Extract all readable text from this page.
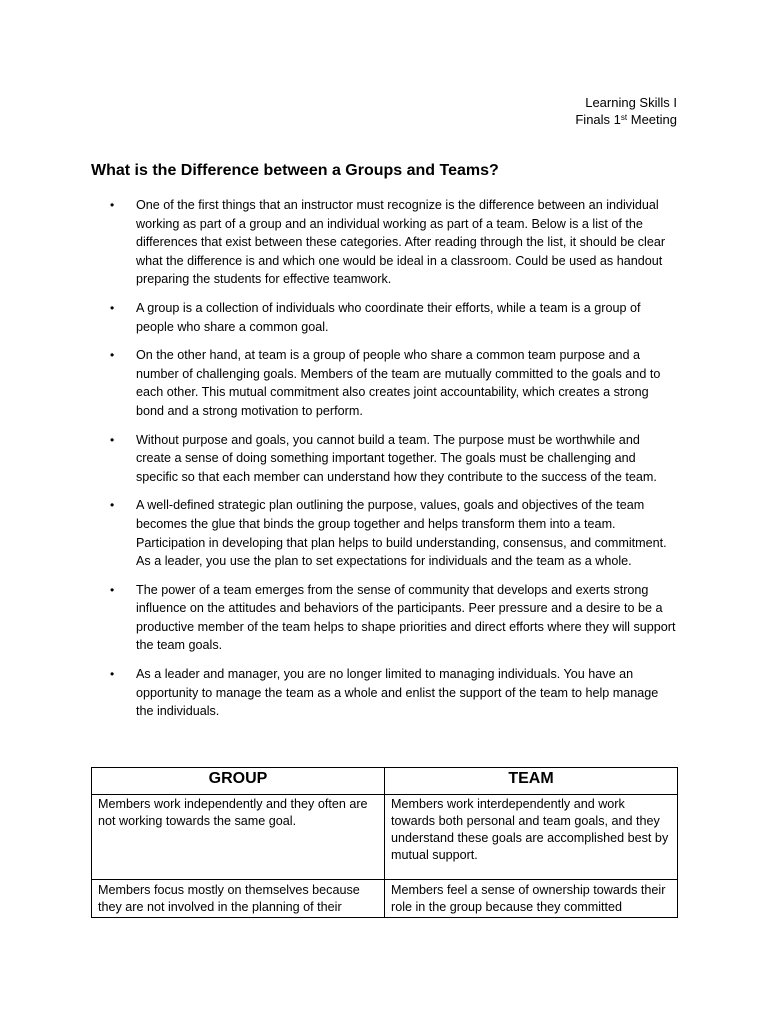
Learning Skills I
Finals 1st Meeting
What is the Difference between a Groups and Teams?
• One of the first things that an instructor must recognize is the difference between an individual working as part of a group and an individual working as part of a team. Below is a list of the differences that exist between these categories. After reading through the list, it should be clear what the difference is and which one would be ideal in a classroom. Could be used as handout preparing the students for effective teamwork.
• A group is a collection of individuals who coordinate their efforts, while a team is a group of people who share a common goal.
• On the other hand, at team is a group of people who share a common team purpose and a number of challenging goals. Members of the team are mutually committed to the goals and to each other. This mutual commitment also creates joint accountability, which creates a strong bond and a strong motivation to perform.
• Without purpose and goals, you cannot build a team. The purpose must be worthwhile and create a sense of doing something important together. The goals must be challenging and specific so that each member can understand how they contribute to the success of the team.
• A well-defined strategic plan outlining the purpose, values, goals and objectives of the team becomes the glue that binds the group together and helps transform them into a team. Participation in developing that plan helps to build understanding, consensus, and commitment. As a leader, you use the plan to set expectations for individuals and the team as a whole.
• The power of a team emerges from the sense of community that develops and exerts strong influence on the attitudes and behaviors of the participants. Peer pressure and a desire to be a productive member of the team helps to shape priorities and direct efforts where they will support the team goals.
• As a leader and manager, you are no longer limited to managing individuals. You have an opportunity to manage the team as a whole and enlist the support of the team to help manage the individuals.
GROUP	TEAM
Members work independently and they often are not working towards the same goal.	Members work interdependently and work towards both personal and team goals, and they understand these goals are accomplished best by mutual support.
Members focus mostly on themselves because they are not involved in the planning of their	Members feel a sense of ownership towards their role in the group because they committed
